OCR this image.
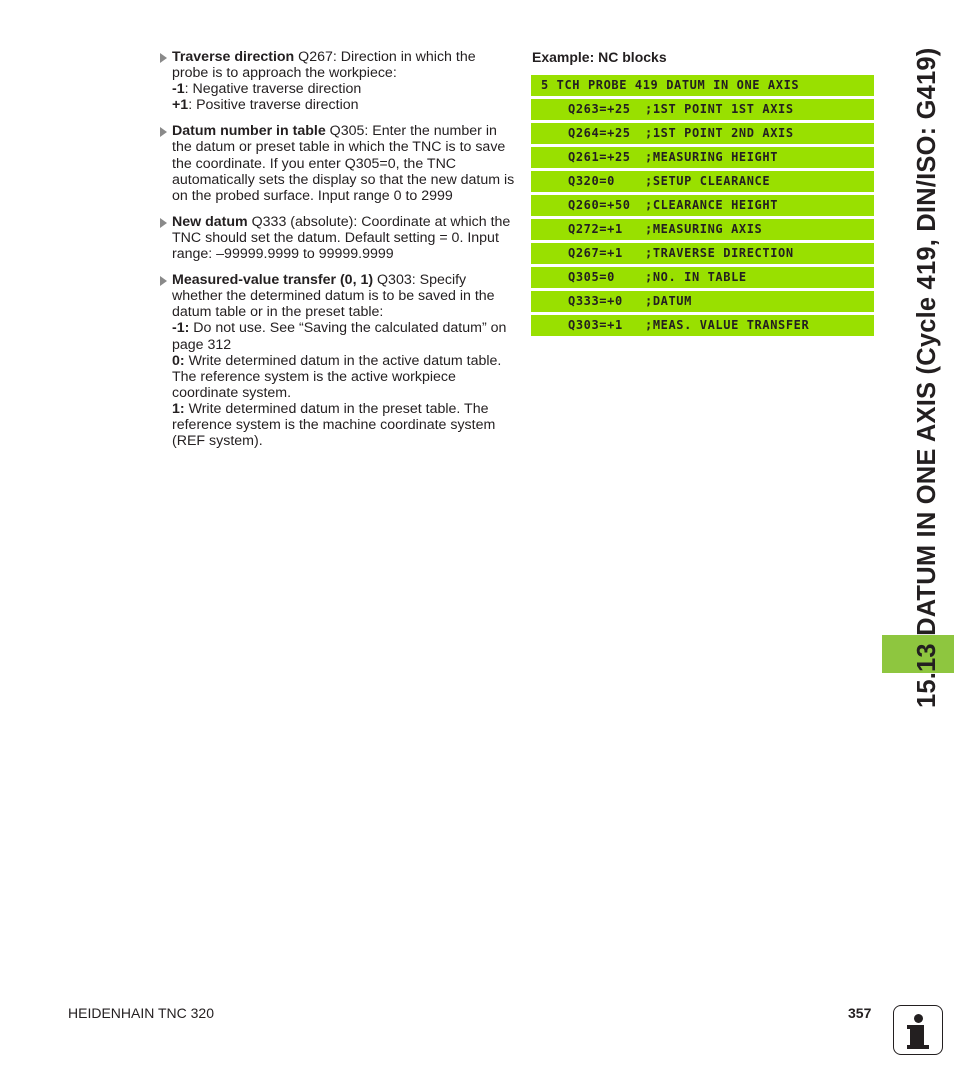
Traverse direction Q267: Direction in which the probe is to approach the workpiece:

-1: Negative traverse direction

+1: Positive traverse direction

Datum number in table Q305: Enter the number in the datum or preset table in which the TNC is to save the coordinate. If you enter Q305=0, the TNC automatically sets the display so that the new datum is on the probed surface. Input range 0 to 2999

New datum Q333 (absolute): Coordinate at which the TNC should set the datum. Default setting = 0. Input range: –99999.9999 to 99999.9999

Measured-value transfer (0, 1) Q303: Specify whether the determined datum is to be saved in the datum table or in the preset table:

-1: Do not use. See “Saving the calculated datum” on page 312

0: Write determined datum in the active datum table. The reference system is the active workpiece coordinate system.

1: Write determined datum in the preset table. The reference system is the machine coordinate system (REF system).

Example: NC blocks
5 TCH PROBE 419 DATUM IN ONE AXIS
Q263=+25 ;1ST POINT 1ST AXIS
Q264=+25 ;1ST POINT 2ND AXIS
Q261=+25 ;MEASURING HEIGHT
Q320=0	;SETUP CLEARANCE
Q260=+50 ;CLEARANCE HEIGHT
Q272=+1 ;MEASURING AXIS
Q267=+1 ;TRAVERSE DIRECTION
Q305=0	;NO. IN TABLE
Q333=+0 ;DATUM
Q303=+1 ;MEAS. VALUE TRANSFER	15.13 DATUM IN ONE AXIS (Cycle 419, DIN/ISO: G419)
HEIDENHAIN TNC 320	357
